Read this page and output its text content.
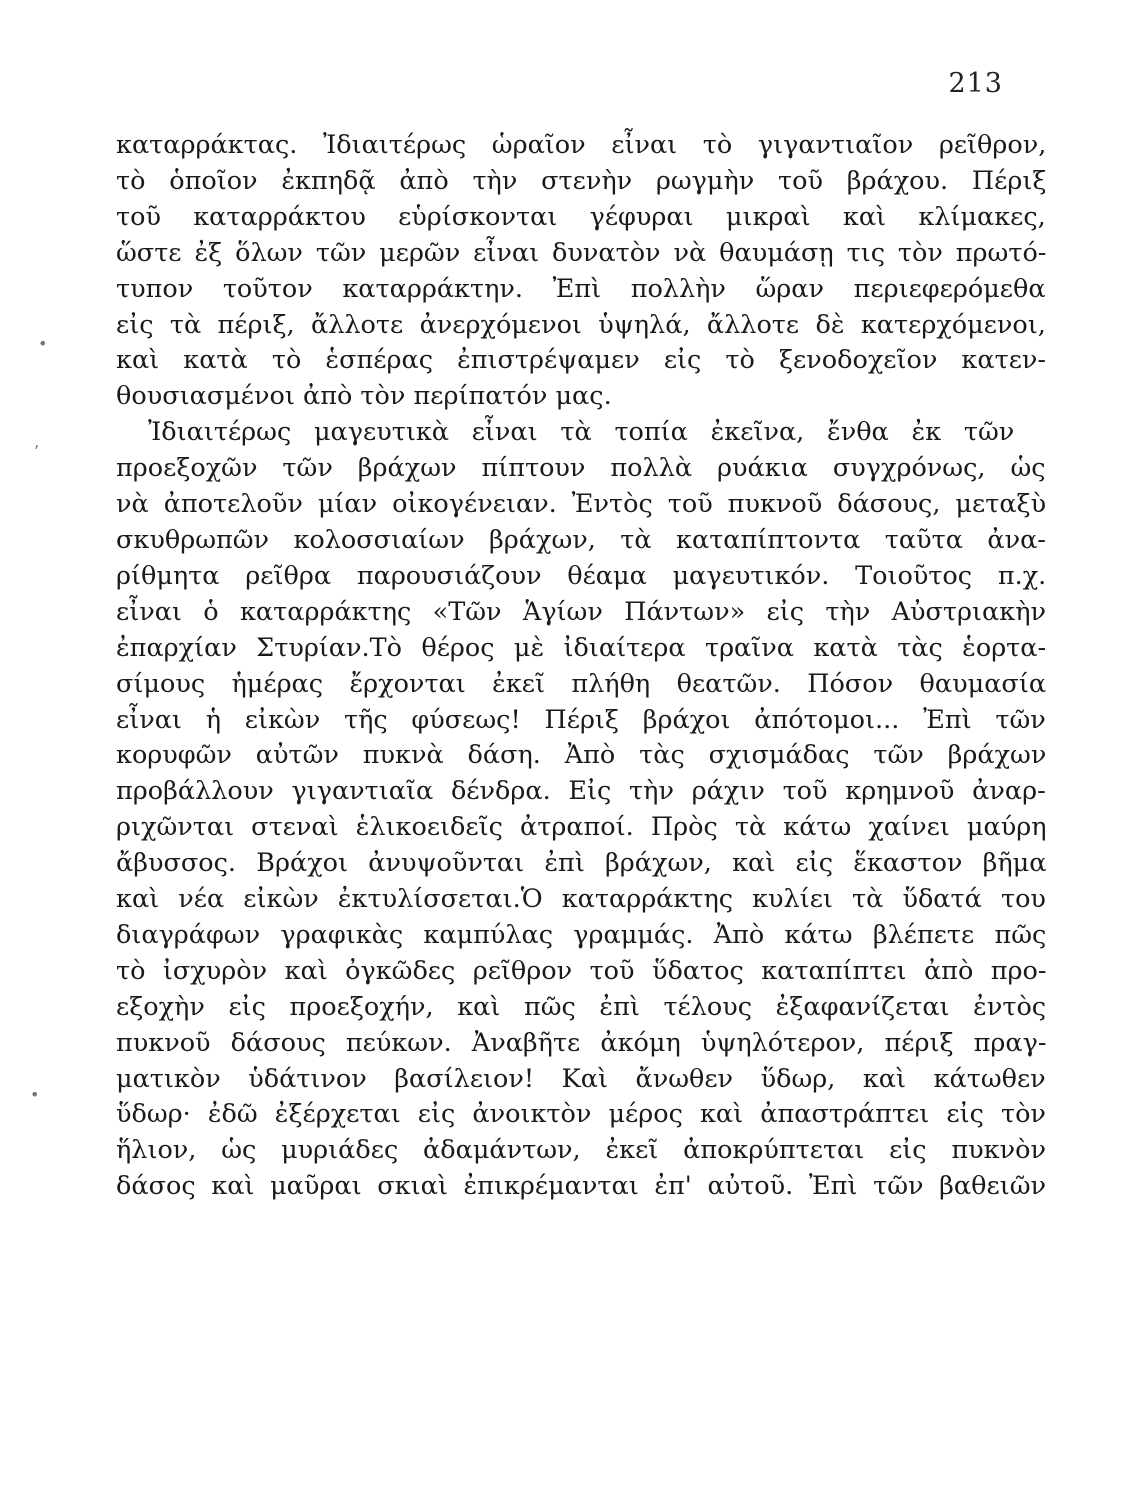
213
•
ʼ
•
καταρράκτας. Ἰδιαιτέρως ὡραῖον εἶναι τὸ γιγαντιαῖον ρεῖθρον,
τὸ ὁποῖον ἐκπηδᾷ ἀπὸ τὴν στενὴν ρωγμὴν τοῦ βράχου. Πέριξ
τοῦ καταρράκτου εὑρίσκονται γέφυραι μικραὶ καὶ κλίμακες,
ὥστε ἐξ ὅλων τῶν μερῶν εἶναι δυνατὸν νὰ θαυμάσῃ τις τὸν πρωτό-
τυπον τοῦτον καταρράκτην. Ἐπὶ πολλὴν ὥραν περιεφερόμεθα
εἰς τὰ πέριξ, ἄλλοτε ἀνερχόμενοι ὑψηλά, ἄλλοτε δὲ κατερχόμενοι,
καὶ κατὰ τὸ ἑσπέρας ἐπιστρέψαμεν εἰς τὸ ξενοδοχεῖον κατεν-
θουσιασμένοι ἀπὸ τὸν περίπατόν μας.
Ἰδιαιτέρως μαγευτικὰ εἶναι τὰ τοπία ἐκεῖνα, ἔνθα ἐκ τῶν
προεξοχῶν τῶν βράχων πίπτουν πολλὰ ρυάκια συγχρόνως, ὡς
νὰ ἀποτελοῦν μίαν οἰκογένειαν. Ἐντὸς τοῦ πυκνοῦ δάσους, μεταξὺ
σκυθρωπῶν κολοσσιαίων βράχων, τὰ καταπίπτοντα ταῦτα ἀνα-
ρίθμητα ρεῖθρα παρουσιάζουν θέαμα μαγευτικόν. Τοιοῦτος π.χ.
εἶναι ὁ καταρράκτης «Τῶν Ἁγίων Πάντων» εἰς τὴν Αὐστριακὴν
ἐπαρχίαν Στυρίαν.Τὸ θέρος μὲ ἰδιαίτερα τραῖνα κατὰ τὰς ἑορτα-
σίμους ἡμέρας ἔρχονται ἐκεῖ πλήθη θεατῶν. Πόσον θαυμασία
εἶναι ἡ εἰκὼν τῆς φύσεως! Πέριξ βράχοι ἀπότομοι... Ἐπὶ τῶν
κορυφῶν αὐτῶν πυκνὰ δάση. Ἀπὸ τὰς σχισμάδας τῶν βράχων
προβάλλουν γιγαντιαῖα δένδρα. Εἰς τὴν ράχιν τοῦ κρημνοῦ ἀναρ-
ριχῶνται στεναὶ ἑλικοειδεῖς ἀτραποί. Πρὸς τὰ κάτω χαίνει μαύρη
ἄβυσσος. Βράχοι ἀνυψοῦνται ἐπὶ βράχων, καὶ εἰς ἕκαστον βῆμα
καὶ νέα εἰκὼν ἐκτυλίσσεται.Ὁ καταρράκτης κυλίει τὰ ὕδατά του
διαγράφων γραφικὰς καμπύλας γραμμάς. Ἀπὸ κάτω βλέπετε πῶς
τὸ ἰσχυρὸν καὶ ὀγκῶδες ρεῖθρον τοῦ ὕδατος καταπίπτει ἀπὸ προ-
εξοχὴν εἰς προεξοχήν, καὶ πῶς ἐπὶ τέλους ἐξαφανίζεται ἐντὸς
πυκνοῦ δάσους πεύκων. Ἀναβῆτε ἀκόμη ὑψηλότερον, πέριξ πραγ-
ματικὸν ὑδάτινον βασίλειον! Καὶ ἄνωθεν ὕδωρ, καὶ κάτωθεν
ὕδωρ· ἐδῶ ἐξέρχεται εἰς ἀνοικτὸν μέρος καὶ ἀπαστράπτει εἰς τὸν
ἥλιον, ὡς μυριάδες ἀδαμάντων, ἐκεῖ ἀποκρύπτεται εἰς πυκνὸν
δάσος καὶ μαῦραι σκιαὶ ἐπικρέμανται ἐπ' αὐτοῦ. Ἐπὶ τῶν βαθειῶν
